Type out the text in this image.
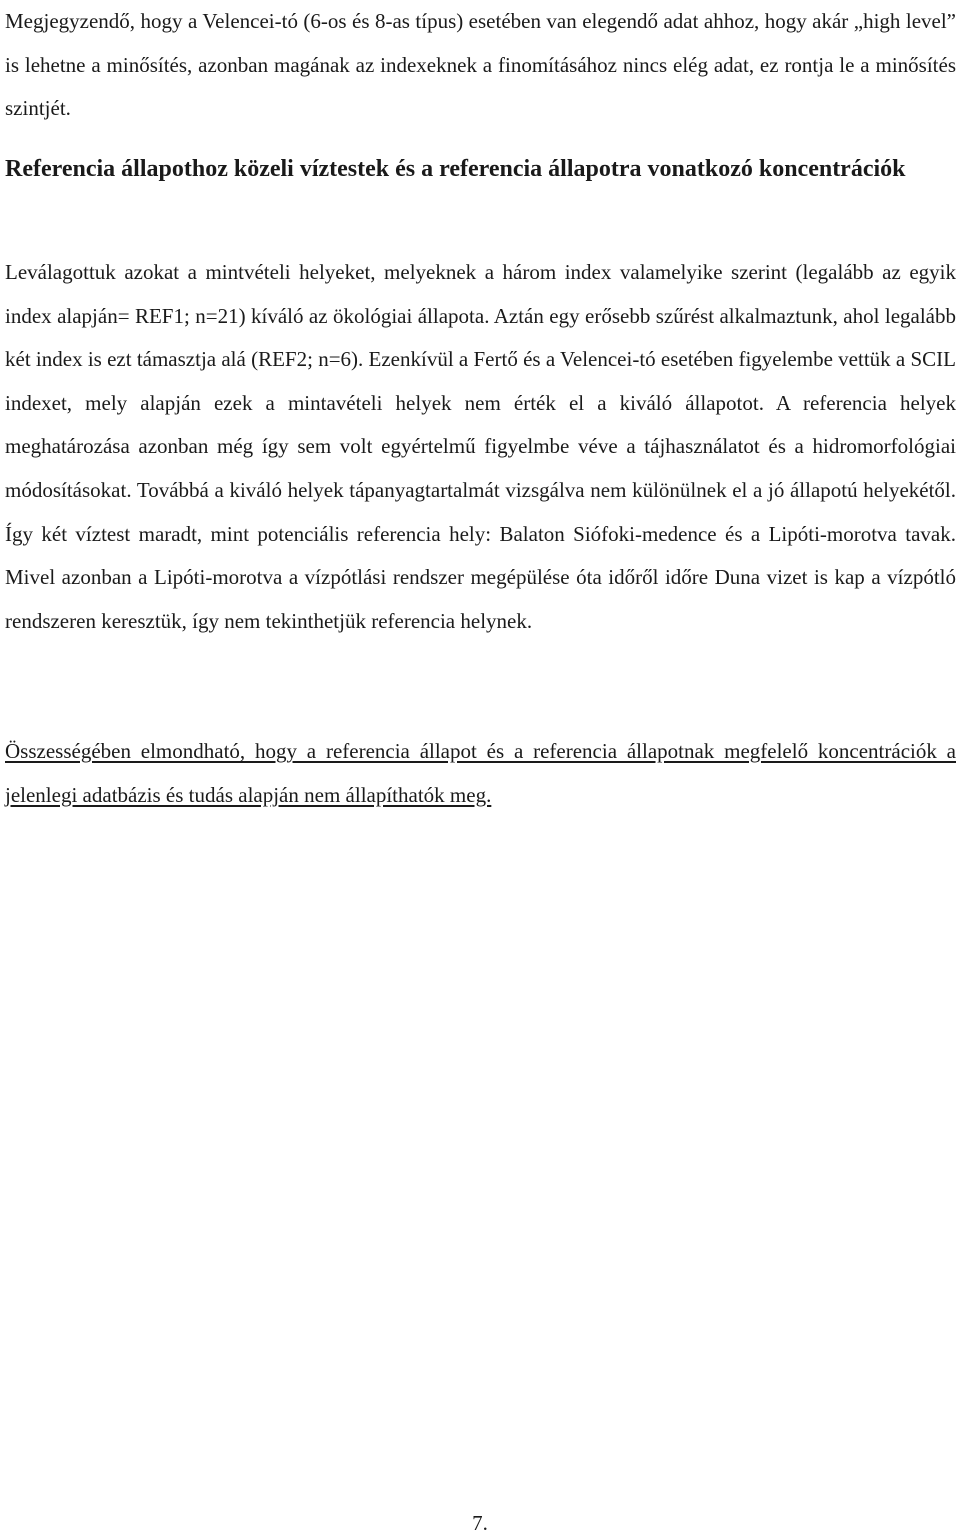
Megjegyzendő, hogy a Velencei-tó (6-os és 8-as típus) esetében van elegendő adat ahhoz, hogy akár „high level” is lehetne a minősítés, azonban magának az indexeknek a finomításához nincs elég adat, ez rontja le a minősítés szintjét.

Referencia állapothoz közeli víztestek és a referencia állapotra vonatkozó koncentrációk

Leválagottuk azokat a mintvételi helyeket, melyeknek a három index valamelyike szerint (legalább az egyik index alapján= REF1; n=21) kíváló az ökológiai állapota. Aztán egy erősebb szűrést alkalmaztunk, ahol legalább két index is ezt támasztja alá (REF2; n=6). Ezenkívül a Fertő és a Velencei-tó esetében figyelembe vettük a SCIL indexet, mely alapján ezek a mintavételi helyek nem érték el a kiváló állapotot. A referencia helyek meghatározása azonban még így sem volt egyértelmű figyelmbe véve a tájhasználatot és a hidromorfológiai módosításokat. Továbbá a kiváló helyek tápanyagtartalmát vizsgálva nem különülnek el a jó állapotú helyekétől. Így két víztest maradt, mint potenciális referencia hely: Balaton Siófoki-medence és a Lipóti-morotva tavak. Mivel azonban a Lipóti-morotva a vízpótlási rendszer megépülése óta időről időre Duna vizet is kap a vízpótló rendszeren keresztük, így nem tekinthetjük referencia helynek.

Összességében elmondható, hogy a referencia állapot és a referencia állapotnak megfelelő koncentrációk a jelenlegi adatbázis és tudás alapján nem állapíthatók meg.

7.
